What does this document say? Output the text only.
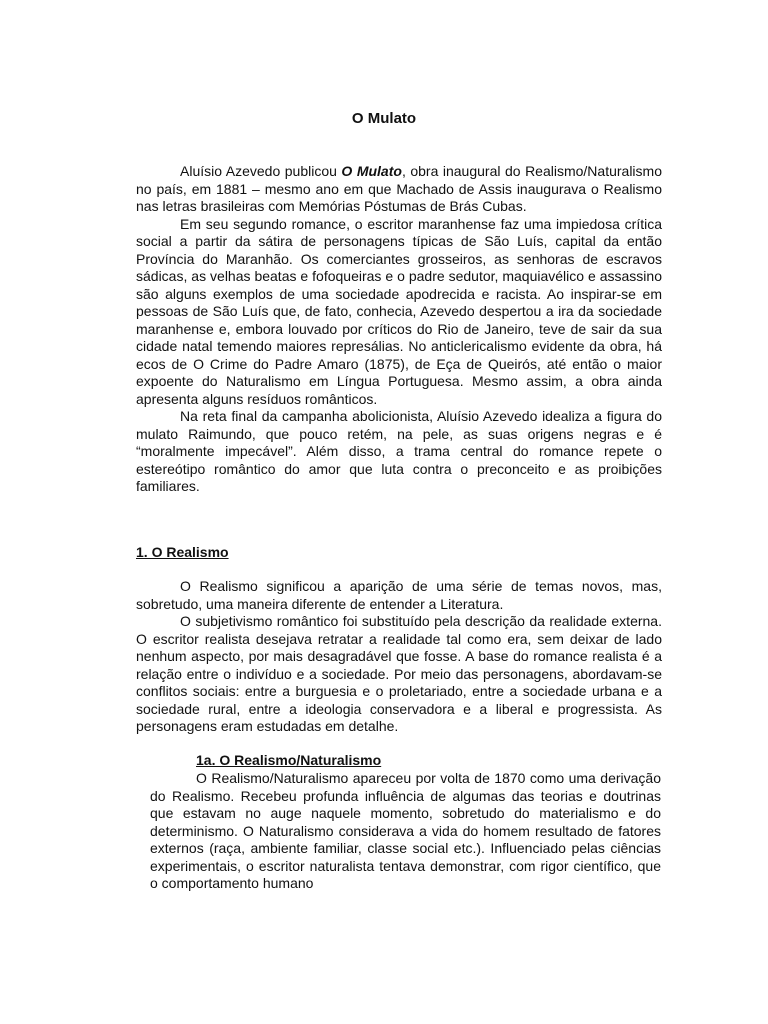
O Mulato

Aluísio Azevedo publicou O Mulato, obra inaugural do Realismo/Naturalismo no país, em 1881 – mesmo ano em que Machado de Assis inaugurava o Realismo nas letras brasileiras com Memórias Póstumas de Brás Cubas.

Em seu segundo romance, o escritor maranhense faz uma impiedosa crítica social a partir da sátira de personagens típicas de São Luís, capital da então Província do Maranhão. Os comerciantes grosseiros, as senhoras de escravos sádicas, as velhas beatas e fofoqueiras e o padre sedutor, maquiavélico e assassino são alguns exemplos de uma sociedade apodrecida e racista. Ao inspirar-se em pessoas de São Luís que, de fato, conhecia, Azevedo despertou a ira da sociedade maranhense e, embora louvado por críticos do Rio de Janeiro, teve de sair da sua cidade natal temendo maiores represálias. No anticlericalismo evidente da obra, há ecos de O Crime do Padre Amaro (1875), de Eça de Queirós, até então o maior expoente do Naturalismo em Língua Portuguesa. Mesmo assim, a obra ainda apresenta alguns resíduos românticos.

Na reta final da campanha abolicionista, Aluísio Azevedo idealiza a figura do mulato Raimundo, que pouco retém, na pele, as suas origens negras e é “moralmente impecável”. Além disso, a trama central do romance repete o estereótipo romântico do amor que luta contra o preconceito e as proibições familiares.

1. O Realismo

O Realismo significou a aparição de uma série de temas novos, mas, sobretudo, uma maneira diferente de entender a Literatura.

O subjetivismo romântico foi substituído pela descrição da realidade externa. O escritor realista desejava retratar a realidade tal como era, sem deixar de lado nenhum aspecto, por mais desagradável que fosse. A base do romance realista é a relação entre o indivíduo e a sociedade. Por meio das personagens, abordavam-se conflitos sociais: entre a burguesia e o proletariado, entre a sociedade urbana e a sociedade rural, entre a ideologia conservadora e a liberal e progressista. As personagens eram estudadas em detalhe.

1a. O Realismo/Naturalismo

O Realismo/Naturalismo apareceu por volta de 1870 como uma derivação do Realismo. Recebeu profunda influência de algumas das teorias e doutrinas que estavam no auge naquele momento, sobretudo do materialismo e do determinismo. O Naturalismo considerava a vida do homem resultado de fatores externos (raça, ambiente familiar, classe social etc.). Influenciado pelas ciências experimentais, o escritor naturalista tentava demonstrar, com rigor científico, que o comportamento humano
